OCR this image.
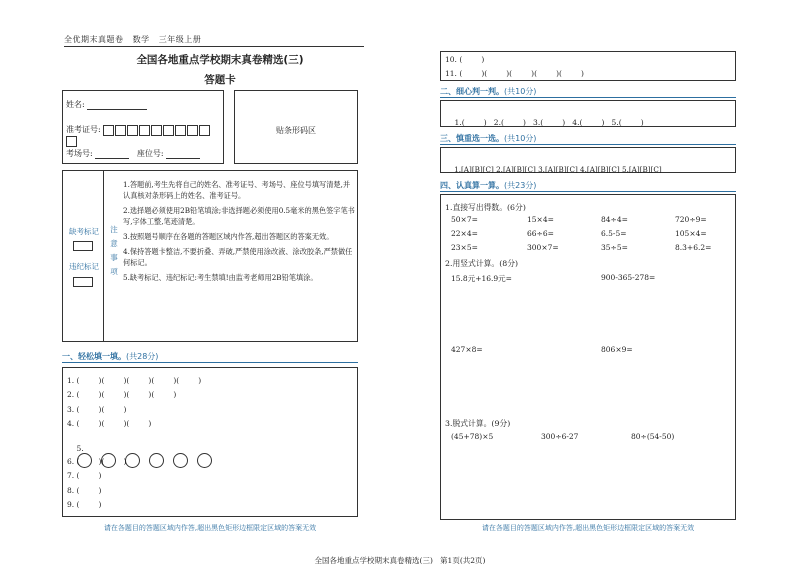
全优期末真题卷 数学 三年级上册
全国各地重点学校期末真卷精选(三)
答题卡
姓名:
准考证号:
考场号:	座位号:
贴条形码区
缺考标记
违纪标记
注
意
事
项
1.答题前,考生先将自己的姓名、准考证号、考场号、座位号填写清楚,并认真核对条形码上的姓名、准考证号。
2.选择题必须使用2B铅笔填涂;非选择题必须使用0.5毫米的黑色签字笔书写,字体工整,笔迹清楚。
3.按照题号顺序在各题的答题区域内作答,超出答题区的答案无效。
4.保持答题卡整洁,不要折叠、弄破,严禁使用涂改液、涂改胶条,严禁做任何标记。
5.缺考标记、违纪标记:考生禁填!由监考老师用2B铅笔填涂。
一、轻松填一填。(共28分)
1. (        )(        )(        )(        )(        )
2. (        )(        )(        )(        )
3. (        )(        )
4. (        )(        )(        )

5.

6. (        )(        )
7. (        )
8. (        )
9. (        )
请在各题目的答题区域内作答,超出黑色矩形边框限定区域的答案无效
10. (        )
11. (        )(        )(        )(        )(        )
二、细心判一判。(共10分)

1.(        ) 2.(        ) 3.(        ) 4.(        ) 5.(        )

三、慎重选一选。(共10分)

1.[A][B][C] 2.[A][B][C] 3.[A][B][C] 4.[A][B][C] 5.[A][B][C]

四、认真算一算。(共23分)
1.直接写出得数。(6分)
50×7=	15×4=	84÷4=	720÷9=
22×4=	66÷6=	6.5-5=	105×4=
23×5=	300×7=	35÷5=	8.3+6.2=
2.用竖式计算。(8分)
15.8元+16.9元=	900-365-278=
427×8=	806×9=
3.脱式计算。(9分)
(45+78)×5	300÷6-27	80÷(54-50)
请在各题目的答题区域内作答,超出黑色矩形边框限定区域的答案无效
全国各地重点学校期末真卷精选(三)   第1页(共2页)
